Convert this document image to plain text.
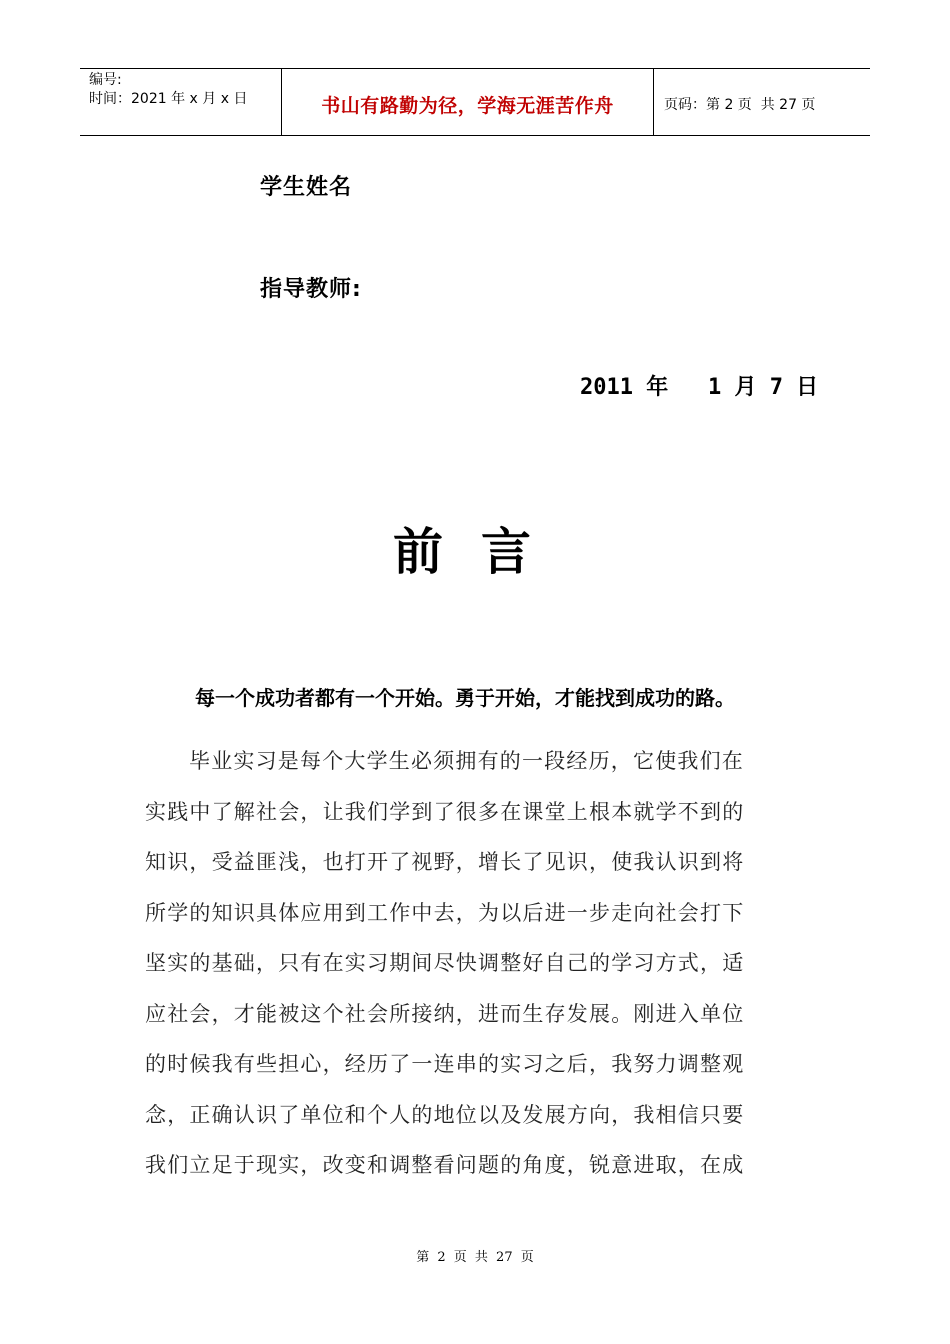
编号:
时间：2021 年 x 月 x 日	书山有路勤为径，学海无涯苦作舟	页码：第 2 页  共 27 页
学生姓名
指导教师:
2011 年   1 月 7 日
前言
每一个成功者都有一个开始。勇于开始，才能找到成功的路。
毕业实习是每个大学生必须拥有的一段经历，它使我们在
实践中了解社会，让我们学到了很多在课堂上根本就学不到的
知识，受益匪浅，也打开了视野，增长了见识，使我认识到将
所学的知识具体应用到工作中去，为以后进一步走向社会打下
坚实的基础，只有在实习期间尽快调整好自己的学习方式，适
应社会，才能被这个社会所接纳，进而生存发展。刚进入单位
的时候我有些担心，经历了一连串的实习之后，我努力调整观
念，正确认识了单位和个人的地位以及发展方向，我相信只要
我们立足于现实，改变和调整看问题的角度，锐意进取，在成
第 2 页 共 27 页
